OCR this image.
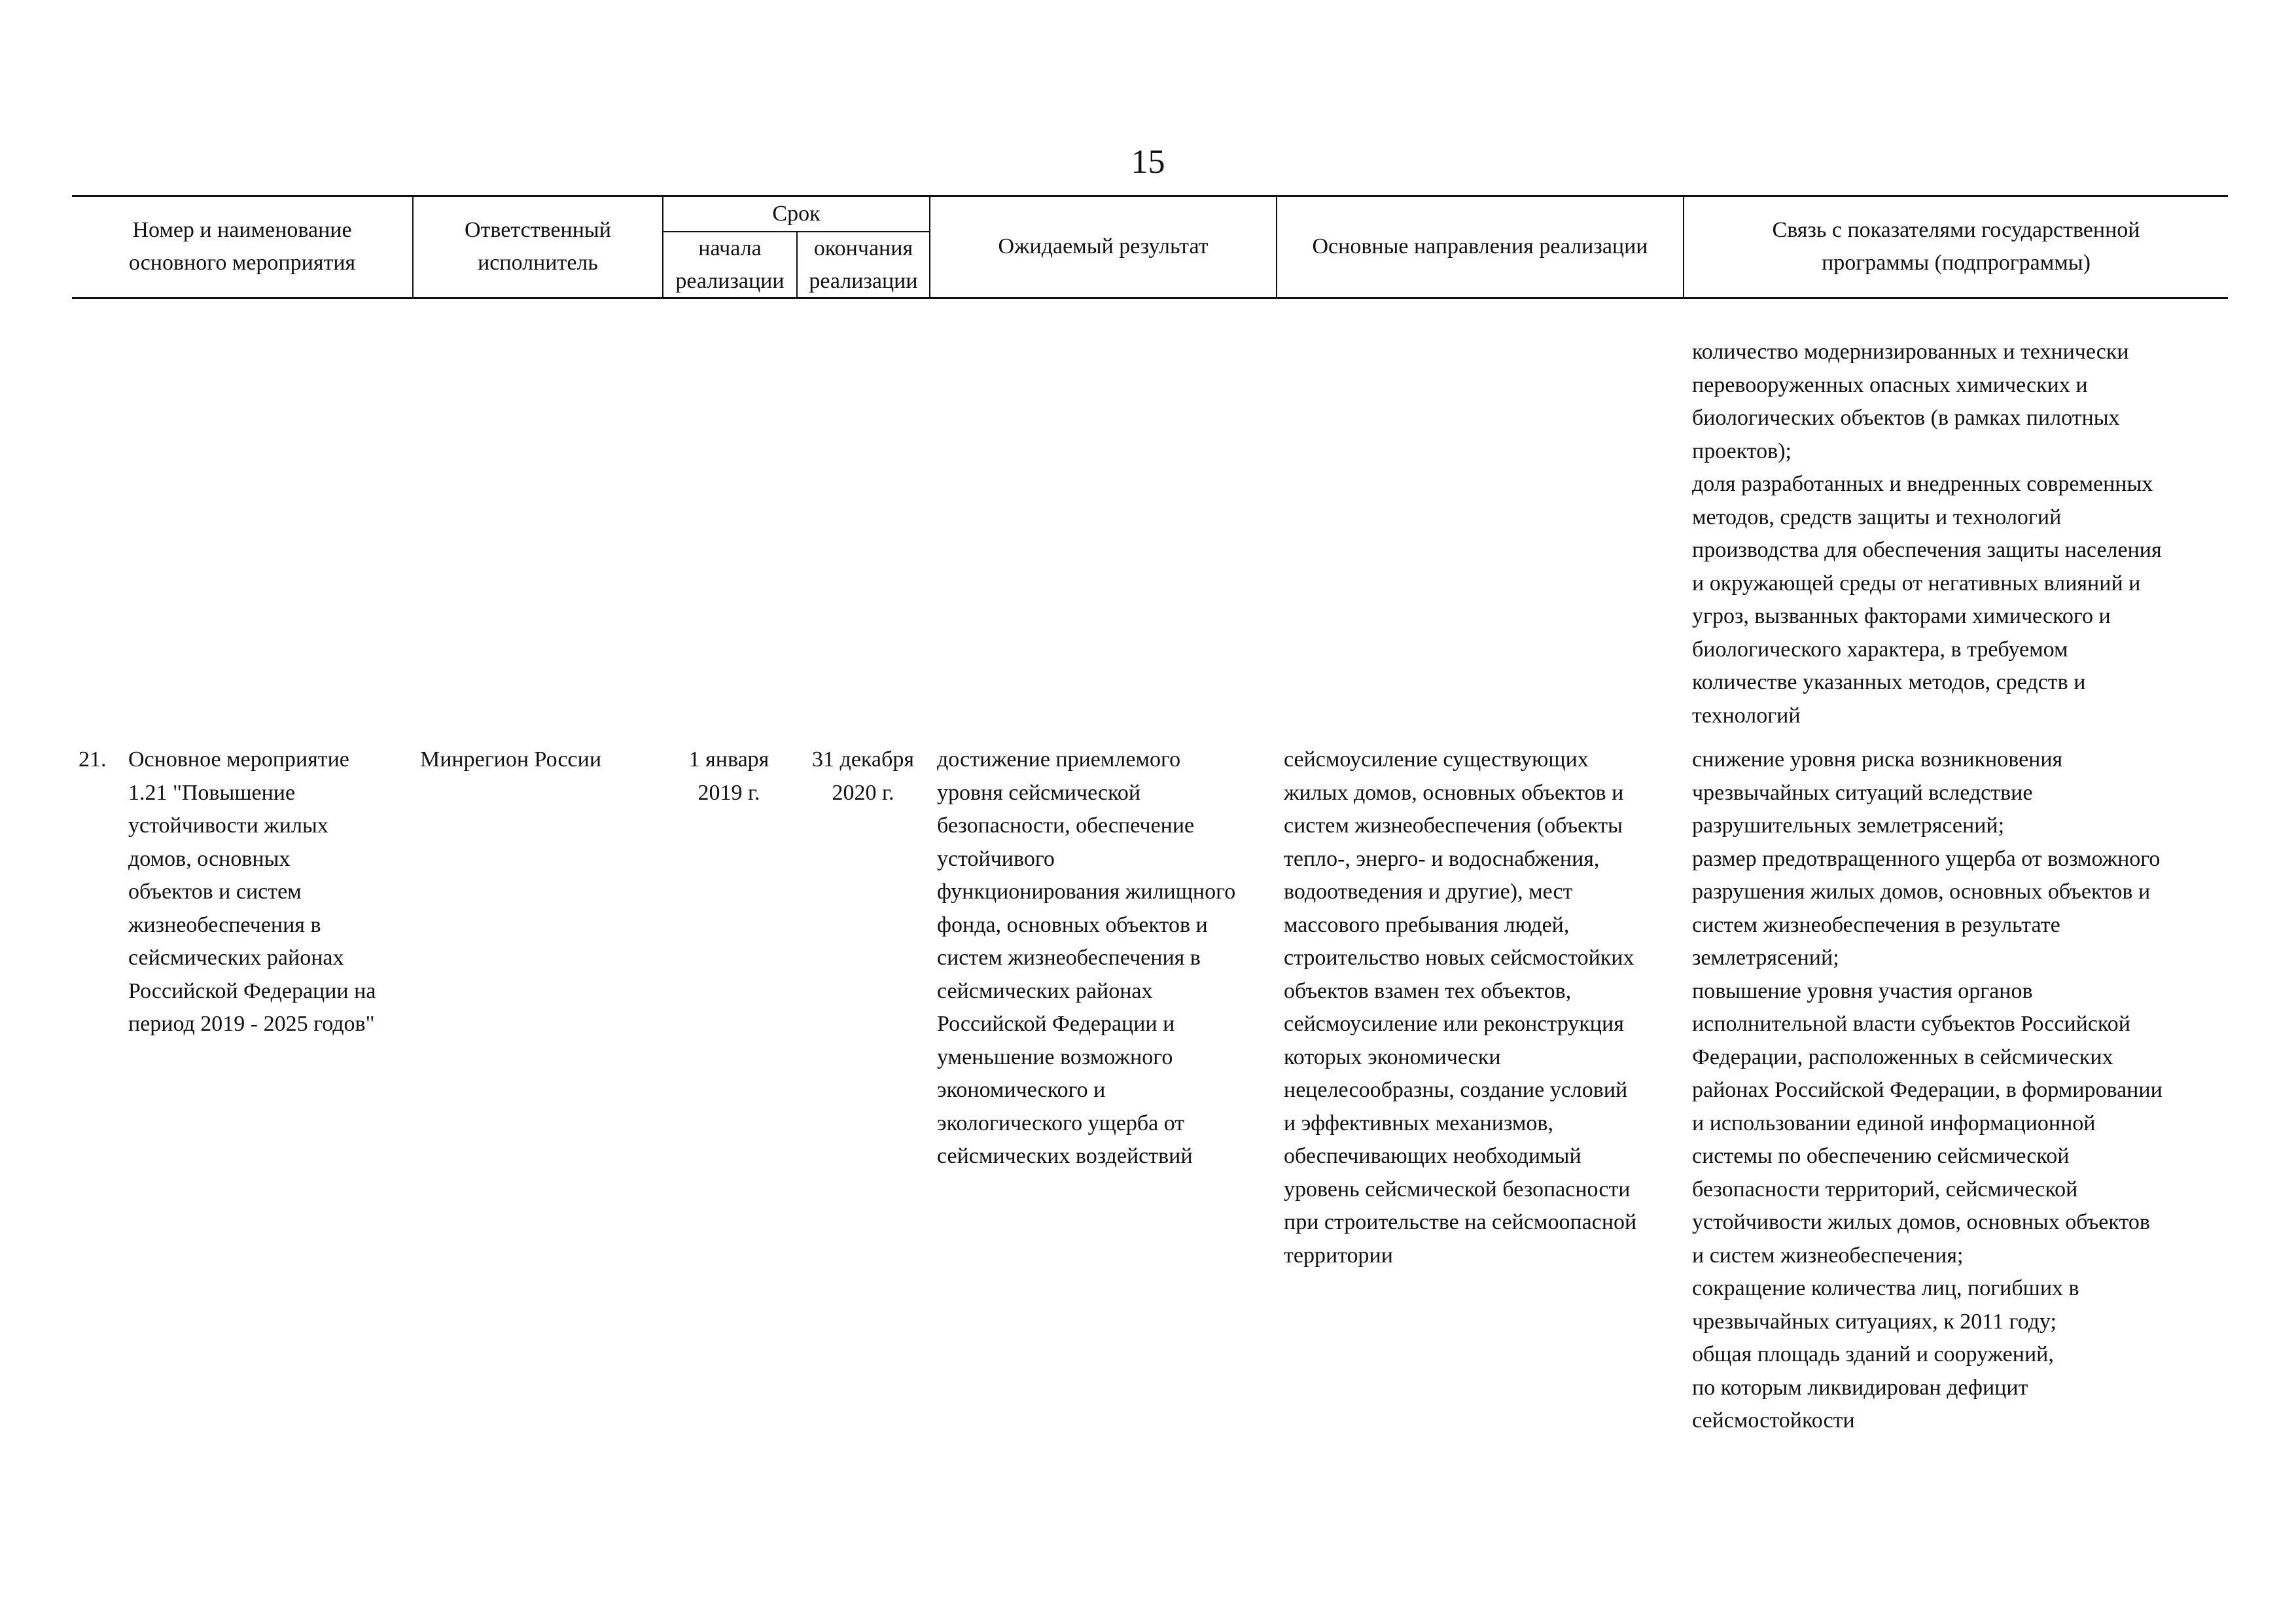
15
Номер и наименование
основного мероприятия
Ответственный
исполнитель
Срок
начала
реализации
окончания
реализации
Ожидаемый результат	Основные направления реализации
Связь с показателями государственной
программы (подпрограммы)
количество модернизированных и технически
перевооруженных опасных химических и
биологических объектов (в рамках пилотных
проектов);
доля разработанных и внедренных современных
методов, средств защиты и технологий
производства для обеспечения защиты населения
и окружающей среды от негативных влияний и
угроз, вызванных факторами химического и
биологического характера, в требуемом
количестве указанных методов, средств и
технологий
21. Основное мероприятие
1.21 "Повышение
устойчивости жилых
домов, основных
объектов и систем
жизнеобеспечения в
сейсмических районах
Российской Федерации на
период 2019 - 2025 годов"
Минрегион России	1 января
2019 г.
31 декабря
2020 г.
достижение приемлемого
уровня сейсмической
безопасности, обеспечение
устойчивого
функционирования жилищного
фонда, основных объектов и
систем жизнеобеспечения в
сейсмических районах
Российской Федерации и
уменьшение возможного
экономического и
экологического ущерба от
сейсмических воздействий
сейсмоусиление существующих
жилых домов, основных объектов и
систем жизнеобеспечения (объекты
тепло-, энерго- и водоснабжения,
водоотведения и другие), мест
массового пребывания людей,
строительство новых сейсмостойких
объектов взамен тех объектов,
сейсмоусиление или реконструкция
которых экономически
нецелесообразны, создание условий
и эффективных механизмов,
обеспечивающих необходимый
уровень сейсмической безопасности
при строительстве на сейсмоопасной
территории
снижение уровня риска возникновения
чрезвычайных ситуаций вследствие
разрушительных землетрясений;
размер предотвращенного ущерба от возможного
разрушения жилых домов, основных объектов и
систем жизнеобеспечения в результате
землетрясений;
повышение уровня участия органов
исполнительной власти субъектов Российской
Федерации, расположенных в сейсмических
районах Российской Федерации, в формировании
и использовании единой информационной
системы по обеспечению сейсмической
безопасности территорий, сейсмической
устойчивости жилых домов, основных объектов
и систем жизнеобеспечения;
сокращение количества лиц, погибших в
чрезвычайных ситуациях, к 2011 году;
общая площадь зданий и сооружений,
по которым ликвидирован дефицит
сейсмостойкости
